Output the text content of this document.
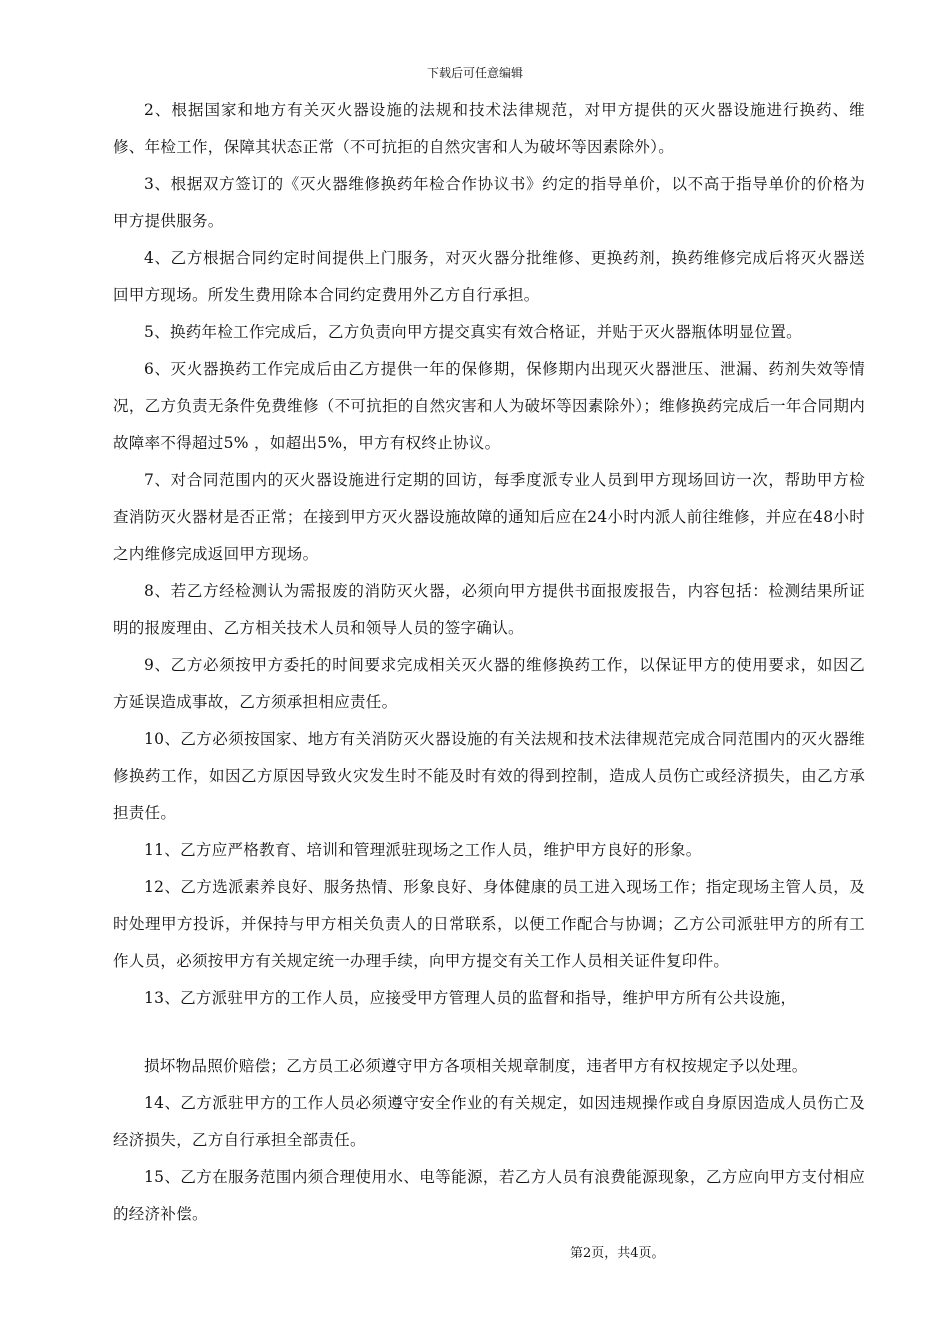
下载后可任意编辑

2、根据国家和地方有关灭火器设施的法规和技术法律规范，对甲方提供的灭火器设施进行换药、维修、年检工作，保障其状态正常（不可抗拒的自然灾害和人为破坏等因素除外）。

3、根据双方签订的《灭火器维修换药年检合作协议书》约定的指导单价，以不高于指导单价的价格为甲方提供服务。

4、乙方根据合同约定时间提供上门服务，对灭火器分批维修、更换药剂，换药维修完成后将灭火器送回甲方现场。所发生费用除本合同约定费用外乙方自行承担。

5、换药年检工作完成后，乙方负责向甲方提交真实有效合格证，并贴于灭火器瓶体明显位置。

6、灭火器换药工作完成后由乙方提供一年的保修期，保修期内出现灭火器泄压、泄漏、药剂失效等情况，乙方负责无条件免费维修（不可抗拒的自然灾害和人为破坏等因素除外）；维修换药完成后一年合同期内故障率不得超过5% ，如超出5%，甲方有权终止协议。

7、对合同范围内的灭火器设施进行定期的回访，每季度派专业人员到甲方现场回访一次，帮助甲方检查消防灭火器材是否正常；在接到甲方灭火器设施故障的通知后应在24小时内派人前往维修，并应在48小时之内维修完成返回甲方现场。

8、若乙方经检测认为需报废的消防灭火器，必须向甲方提供书面报废报告，内容包括：检测结果所证明的报废理由、乙方相关技术人员和领导人员的签字确认。

9、乙方必须按甲方委托的时间要求完成相关灭火器的维修换药工作，以保证甲方的使用要求，如因乙方延误造成事故，乙方须承担相应责任。

10、乙方必须按国家、地方有关消防灭火器设施的有关法规和技术法律规范完成合同范围内的灭火器维修换药工作，如因乙方原因导致火灾发生时不能及时有效的得到控制，造成人员伤亡或经济损失，由乙方承担责任。

11、乙方应严格教育、培训和管理派驻现场之工作人员，维护甲方良好的形象。

12、乙方选派素养良好、服务热情、形象良好、身体健康的员工进入现场工作；指定现场主管人员，及时处理甲方投诉，并保持与甲方相关负责人的日常联系，以便工作配合与协调；乙方公司派驻甲方的所有工作人员，必须按甲方有关规定统一办理手续，向甲方提交有关工作人员相关证件复印件。

13、乙方派驻甲方的工作人员，应接受甲方管理人员的监督和指导，维护甲方所有公共设施，

损坏物品照价赔偿；乙方员工必须遵守甲方各项相关规章制度，违者甲方有权按规定予以处理。

14、乙方派驻甲方的工作人员必须遵守安全作业的有关规定，如因违规操作或自身原因造成人员伤亡及经济损失，乙方自行承担全部责任。

15、乙方在服务范围内须合理使用水、电等能源，若乙方人员有浪费能源现象，乙方应向甲方支付相应的经济补偿。

第2页，共4页。
